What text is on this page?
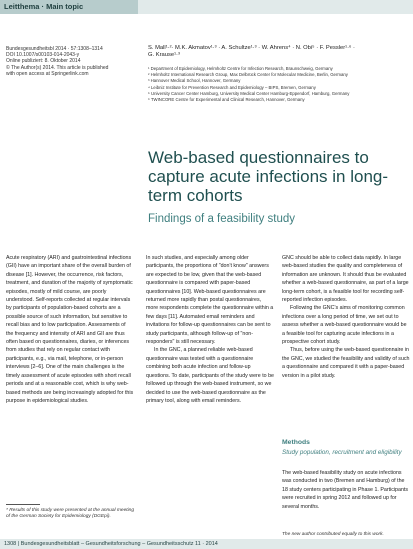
Leitthema · Main topic
Bundesgesundheitsbl 2014 · 57:1308–1314
DOI 10.1007/s00103-014-2043-y
Online publiziert: 8. Oktober 2014
© The Author(s) 2014. This article is published
with open access at Springerlink.com
S. Mall¹·²· M.K. Akmatov¹·³ · A. Schultze¹·³ · W. Ahrens⁴ · N. Obi⁵ · F. Pessler¹·⁶ ·
G. Krause¹·³
¹ Department of Epidemiology, Helmholtz Centre for Infection Research, Braunschweig, Germany
² Helmholtz International Research Group, Max Delbrück Center for Molecular Medicine, Berlin, Germany
³ Hannover Medical School, Hannover, Germany
⁴ Leibniz Institute for Prevention Research and Epidemiology – BIPS, Bremen, Germany
⁵ University Cancer Center Hamburg, University Medical Center Hamburg-Eppendorf, Hamburg, Germany
⁶ TWINCORE Centre for Experimental and Clinical Research, Hannover, Germany
Web-based questionnaires to capture acute infections in long-term cohorts
Findings of a feasibility study

Acute respiratory (ARI) and gastrointestinal infections (GII) have an important share of the overall burden of disease [1]. However, the occurrence, risk factors, treatment, and duration of the majority of symptomatic episodes, mostly of mild course, are poorly understood. Self-reports collected at regular intervals by participants of population-based cohorts are a possible source of such information, but sensitive to recall bias and to low participation. Assessments of the frequency and intensity of ARI and GII are thus often based on questionnaires, diaries, or inferences from studies that rely on regular contact with participants, e.g., via mail, telephone, or in-person interviews [2–6]. One of the main challenges is the timely assessment of acute episodes with short recall periods and at a reasonable cost, which is why web-based methods are being increasingly adopted for this purpose in epidemiological studies.

In such studies, and especially among older participants, the proportions of "don't know" answers are expected to be low, given that the web-based questionnaire is compared with paper-based questionnaires [10]. Web-based questionnaires are returned more rapidly than postal questionnaires, more respondents complete the questionnaire within a few days [11]. Automated email reminders and invitations for follow-up questionnaires can be sent to study participants, although follow-up of "non-responders" is still necessary.

In the GNC, a planned reliable web-based questionnaire was tested with a questionnaire combining both acute infection and follow-up questions. To date, participants of the study were to be followed up through the web-based instrument, so we decided to use the web-based questionnaire as the primary tool, along with email reminders.

GNC should be able to collect data rapidly. In large web-based studies the quality and completeness of information are unknown. It should thus be evaluated whether a web-based questionnaire, as part of a large long-term cohort, is a feasible tool for recording self-reported infection episodes.

Following the GNC's aims of monitoring common infections over a long period of time, we set out to assess whether a web-based questionnaire would be a feasible tool for capturing acute infections in a prospective cohort study.

Thus, before using the web-based questionnaire in the GNC, we studied the feasibility and validity of such a questionnaire and compared it with a paper-based version in a pilot study.

Methods
Study population, recruitment and eligibility

The web-based feasibility study on acute infections was conducted in two (Bremen and Hamburg) of the 18 study centers participating in Phase 1. Participants were recruited in spring 2012 and followed up for several months.

The new author contributed equally to this work.
* Results of this study were presented at the annual meeting of the German Society for Epidemiology (DGEpi).
1308 | Bundesgesundheitsblatt – Gesundheitsforschung – Gesundheitsschutz 11 · 2014
